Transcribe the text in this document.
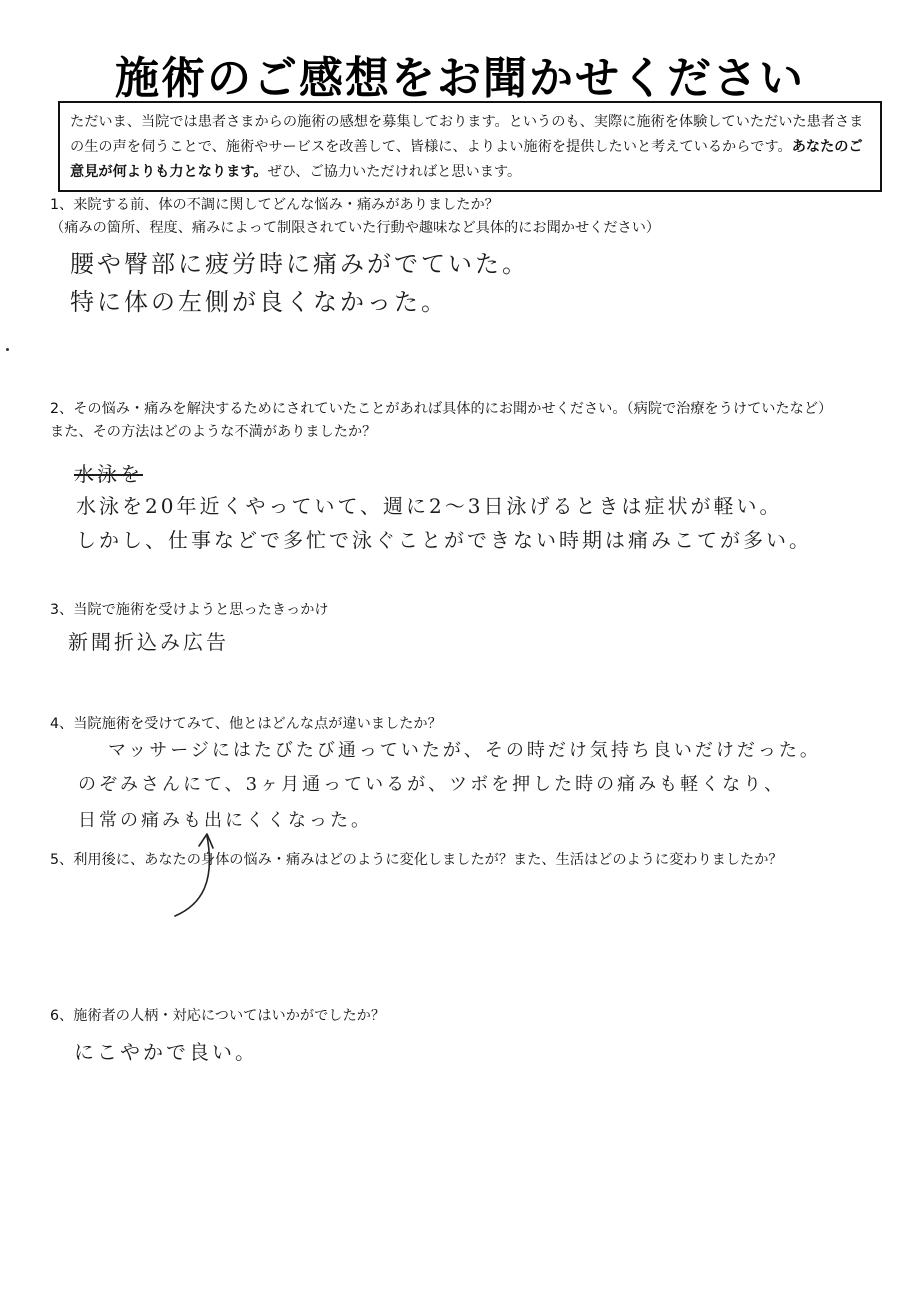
施術のご感想をお聞かせください
ただいま、当院では患者さまからの施術の感想を募集しております。というのも、実際に施術を体験していただいた患者さまの生の声を伺うことで、施術やサービスを改善して、皆様に、よりよい施術を提供したいと考えているからです。あなたのご意見が何よりも力となります。ぜひ、ご協力いただければと思います。
1、来院する前、体の不調に関してどんな悩み・痛みがありましたか？
（痛みの箇所、程度、痛みによって制限されていた行動や趣味など具体的にお聞かせください）
腰や臀部に疲労時に痛みがでていた。
特に体の左側が良くなかった。
2、その悩み・痛みを解決するためにされていたことがあれば具体的にお聞かせください。（病院で治療をうけていたなど）
また、その方法はどのような不満がありましたか？
水泳を
水泳を20年近くやっていて、週に2〜3日泳げるときは症状が軽い。
しかし、仕事などで多忙で泳ぐことができない時期は痛みこてが多い。
3、当院で施術を受けようと思ったきっかけ
新聞折込み広告
4、当院施術を受けてみて、他とはどんな点が違いましたか？
マッサージにはたびたび通っていたが、その時だけ気持ち良いだけだった。
のぞみさんにて、3ヶ月通っているが、ツボを押した時の痛みも軽くなり、
日常の痛みも出にくくなった。
5、利用後に、あなたの身体の悩み・痛みはどのように変化しましたが？また、生活はどのように変わりましたか？
6、施術者の人柄・対応についてはいかがでしたか？
にこやかで良い。
